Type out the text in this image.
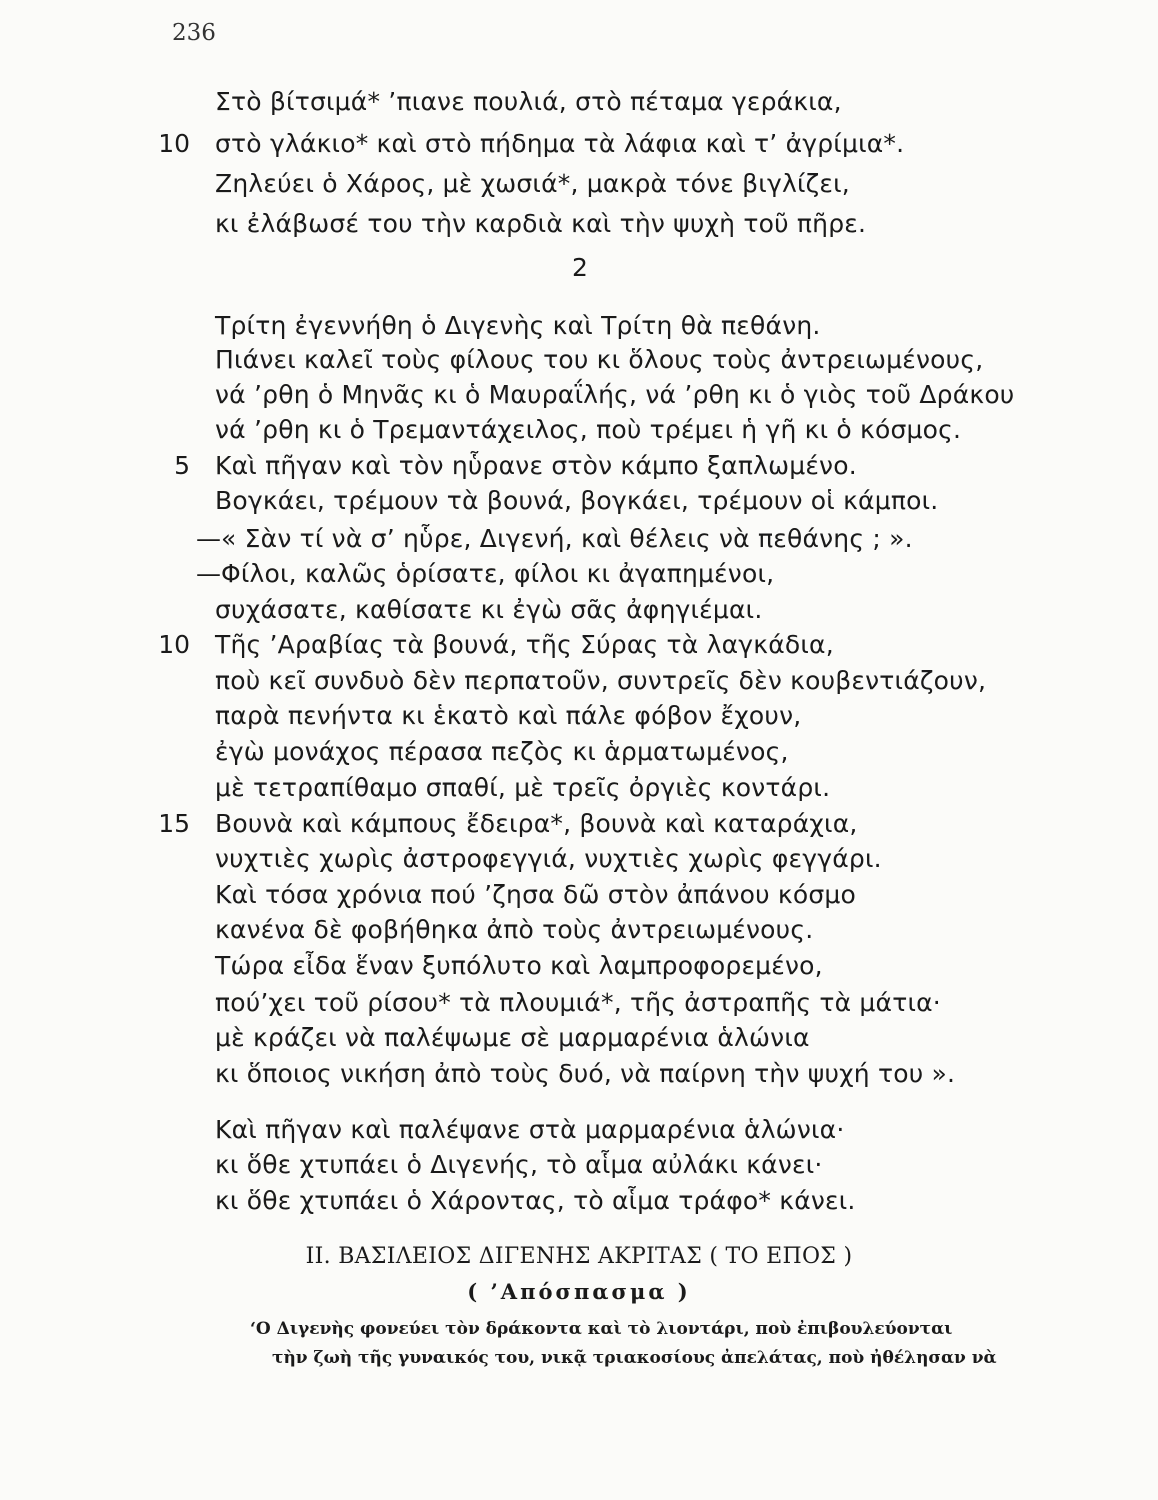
236
Στὸ βίτσιμά* ’πιανε πουλιά, στὸ πέταμα γεράκια,
10 στὸ γλάκιο* καὶ στὸ πήδημα τὰ λάφια καὶ τ’ ἀγρίμια*.
Ζηλεύει ὁ Χάρος, μὲ χωσιά*, μακρὰ τόνε βιγλίζει,
κι ἐλάβωσέ του τὴν καρδιὰ καὶ τὴν ψυχὴ τοῦ πῆρε.
2
Τρίτη ἐγεννήθη ὁ Διγενὴς καὶ Τρίτη θὰ πεθάνη.
Πιάνει καλεῖ τοὺς φίλους του κι ὅλους τοὺς ἀντρειωμένους,
νά ’ρθη ὁ Μηνᾶς κι ὁ Μαυραΐλής, νά ’ρθη κι ὁ γιὸς τοῦ Δράκου
νά ’ρθη κι ὁ Τρεμαντάχειλος, ποὺ τρέμει ἡ γῆ κι ὁ κόσμος.
5 Καὶ πῆγαν καὶ τὸν ηὗρανε στὸν κάμπο ξαπλωμένο.
Βογκάει, τρέμουν τὰ βουνά, βογκάει, τρέμουν οἱ κάμποι.
— « Σὰν τί νὰ σ’ ηὗρε, Διγενή, καὶ θέλεις νὰ πεθάνης ; ».
— Φίλοι, καλῶς ὁρίσατε, φίλοι κι ἀγαπημένοι,
συχάσατε, καθίσατε κι ἐγὼ σᾶς ἀφηγιέμαι.
10 Τῆς ’Αραβίας τὰ βουνά, τῆς Σύρας τὰ λαγκάδια,
ποὺ κεῖ συνδυὸ δὲν περπατοῦν, συντρεῖς δὲν κουβεντιάζουν,
παρὰ πενήντα κι ἑκατὸ καὶ πάλε φόβον ἔχουν,
ἐγὼ μονάχος πέρασα πεζὸς κι ἁρματωμένος,
μὲ τετραπίθαμο σπαθί, μὲ τρεῖς ὀργιὲς κοντάρι.
15 Βουνὰ καὶ κάμπους ἔδειρα*, βουνὰ καὶ καταράχια,
νυχτιὲς χωρὶς ἀστροφεγγιά, νυχτιὲς χωρὶς φεγγάρι.
Καὶ τόσα χρόνια πού ’ζησα δῶ στὸν ἀπάνου κόσμο
κανένα δὲ φοβήθηκα ἀπὸ τοὺς ἀντρειωμένους.
Τώρα εἶδα ἕναν ξυπόλυτο καὶ λαμπροφορεμένο,
πού’χει τοῦ ρίσου* τὰ πλουμιά*, τῆς ἀστραπῆς τὰ μάτια·
μὲ κράζει νὰ παλέψωμε σὲ μαρμαρένια ἁλώνια
κι ὅποιος νικήση ἀπὸ τοὺς δυό, νὰ παίρνη τὴν ψυχή του ».
Καὶ πῆγαν καὶ παλέψανε στὰ μαρμαρένια ἁλώνια·
κι ὅθε χτυπάει ὁ Διγενής, τὸ αἷμα αὐλάκι κάνει·
κι ὅθε χτυπάει ὁ Χάροντας, τὸ αἷμα τράφο* κάνει.
ΙΙ. ΒΑΣΙΛΕΙΟΣ ΔΙΓΕΝΗΣ ΑΚΡΙΤΑΣ ( ΤΟ ΕΠΟΣ )
( ’Απόσπασμα )
‘Ο Διγενὴς φονεύει τὸν δράκοντα καὶ τὸ λιοντάρι, ποὺ ἐπιβουλεύονται
τὴν ζωὴ τῆς γυναικός του, νικᾷ τριακοσίους ἀπελάτας, ποὺ ἠθέλησαν νὰ
